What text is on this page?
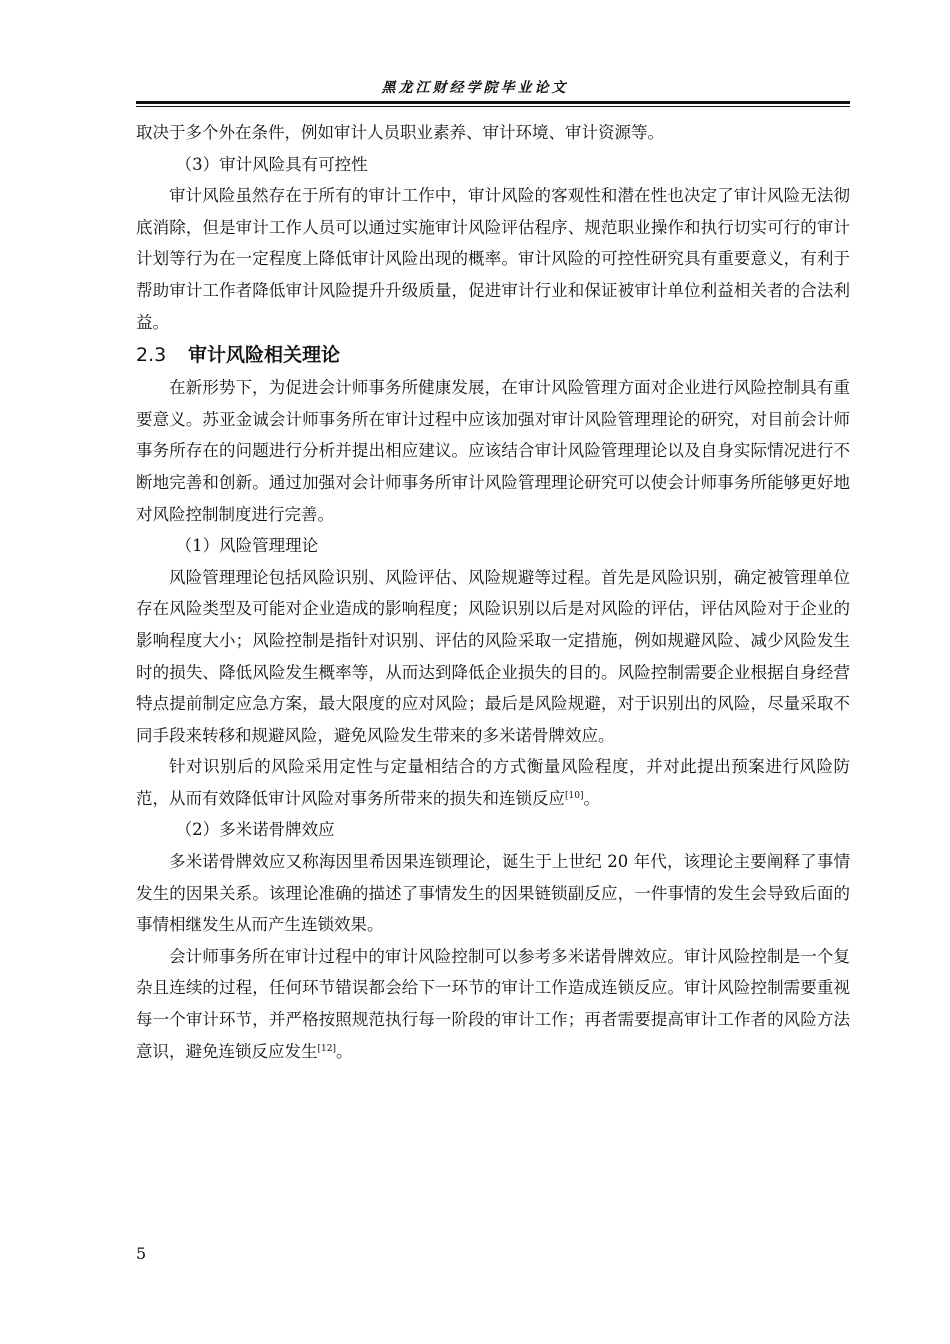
黑龙江财经学院毕业论文

取决于多个外在条件，例如审计人员职业素养、审计环境、审计资源等。

（3）审计风险具有可控性

审计风险虽然存在于所有的审计工作中，审计风险的客观性和潜在性也决定了审计风险无法彻底消除，但是审计工作人员可以通过实施审计风险评估程序、规范职业操作和执行切实可行的审计计划等行为在一定程度上降低审计风险出现的概率。审计风险的可控性研究具有重要意义，有利于帮助审计工作者降低审计风险提升升级质量，促进审计行业和保证被审计单位利益相关者的合法利益。

2.3 审计风险相关理论

在新形势下，为促进会计师事务所健康发展，在审计风险管理方面对企业进行风险控制具有重要意义。苏亚金诚会计师事务所在审计过程中应该加强对审计风险管理理论的研究，对目前会计师事务所存在的问题进行分析并提出相应建议。应该结合审计风险管理理论以及自身实际情况进行不断地完善和创新。通过加强对会计师事务所审计风险管理理论研究可以使会计师事务所能够更好地对风险控制制度进行完善。

（1）风险管理理论

风险管理理论包括风险识别、风险评估、风险规避等过程。首先是风险识别，确定被管理单位存在风险类型及可能对企业造成的影响程度；风险识别以后是对风险的评估，评估风险对于企业的影响程度大小；风险控制是指针对识别、评估的风险采取一定措施，例如规避风险、减少风险发生时的损失、降低风险发生概率等，从而达到降低企业损失的目的。风险控制需要企业根据自身经营特点提前制定应急方案，最大限度的应对风险；最后是风险规避，对于识别出的风险，尽量采取不同手段来转移和规避风险，避免风险发生带来的多米诺骨牌效应。

针对识别后的风险采用定性与定量相结合的方式衡量风险程度，并对此提出预案进行风险防范，从而有效降低审计风险对事务所带来的损失和连锁反应[10]。

（2）多米诺骨牌效应

多米诺骨牌效应又称海因里希因果连锁理论，诞生于上世纪 20 年代，该理论主要阐释了事情发生的因果关系。该理论准确的描述了事情发生的因果链锁副反应，一件事情的发生会导致后面的事情相继发生从而产生连锁效果。

会计师事务所在审计过程中的审计风险控制可以参考多米诺骨牌效应。审计风险控制是一个复杂且连续的过程，任何环节错误都会给下一环节的审计工作造成连锁反应。审计风险控制需要重视每一个审计环节，并严格按照规范执行每一阶段的审计工作；再者需要提高审计工作者的风险方法意识，避免连锁反应发生[12]。

5
